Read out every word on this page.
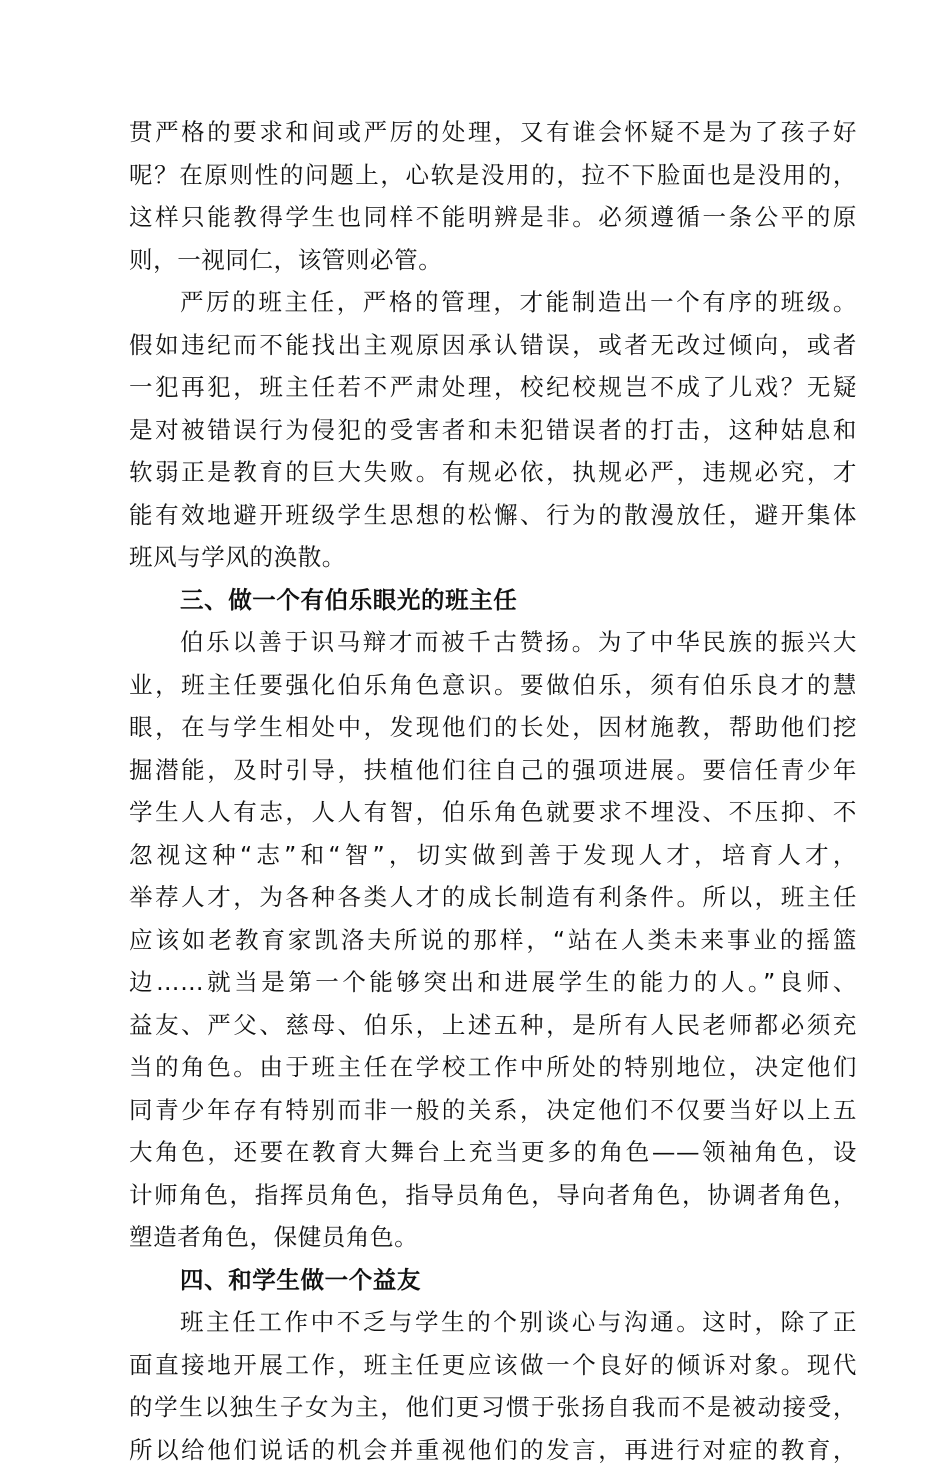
贯严格的要求和间或严厉的处理，又有谁会怀疑不是为了孩子好
呢？在原则性的问题上，心软是没用的，拉不下脸面也是没用的，
这样只能教得学生也同样不能明辨是非。必须遵循一条公平的原
则，一视同仁，该管则必管。
严厉的班主任，严格的管理，才能制造出一个有序的班级。
假如违纪而不能找出主观原因承认错误，或者无改过倾向，或者
一犯再犯，班主任若不严肃处理，校纪校规岂不成了儿戏？无疑
是对被错误行为侵犯的受害者和未犯错误者的打击，这种姑息和
软弱正是教育的巨大失败。有规必依，执规必严，违规必究，才
能有效地避开班级学生思想的松懈、行为的散漫放任，避开集体
班风与学风的涣散。
三、做一个有伯乐眼光的班主任
伯乐以善于识马辩才而被千古赞扬。为了中华民族的振兴大
业，班主任要强化伯乐角色意识。要做伯乐，须有伯乐良才的慧
眼，在与学生相处中，发现他们的长处，因材施教，帮助他们挖
掘潜能，及时引导，扶植他们往自己的强项进展。要信任青少年
学生人人有志，人人有智，伯乐角色就要求不埋没、不压抑、不
忽视这种“志”和“智”，切实做到善于发现人才，培育人才，
举荐人才，为各种各类人才的成长制造有利条件。所以，班主任
应该如老教育家凯洛夫所说的那样，“站在人类未来事业的摇篮
边……就当是第一个能够突出和进展学生的能力的人。”良师、
益友、严父、慈母、伯乐，上述五种，是所有人民老师都必须充
当的角色。由于班主任在学校工作中所处的特别地位，决定他们
同青少年存有特别而非一般的关系，决定他们不仅要当好以上五
大角色，还要在教育大舞台上充当更多的角色——领袖角色，设
计师角色，指挥员角色，指导员角色，导向者角色，协调者角色，
塑造者角色，保健员角色。
四、和学生做一个益友
班主任工作中不乏与学生的个别谈心与沟通。这时，除了正
面直接地开展工作，班主任更应该做一个良好的倾诉对象。现代
的学生以独生子女为主，他们更习惯于张扬自我而不是被动接受，
所以给他们说话的机会并重视他们的发言，再进行对症的教育，
